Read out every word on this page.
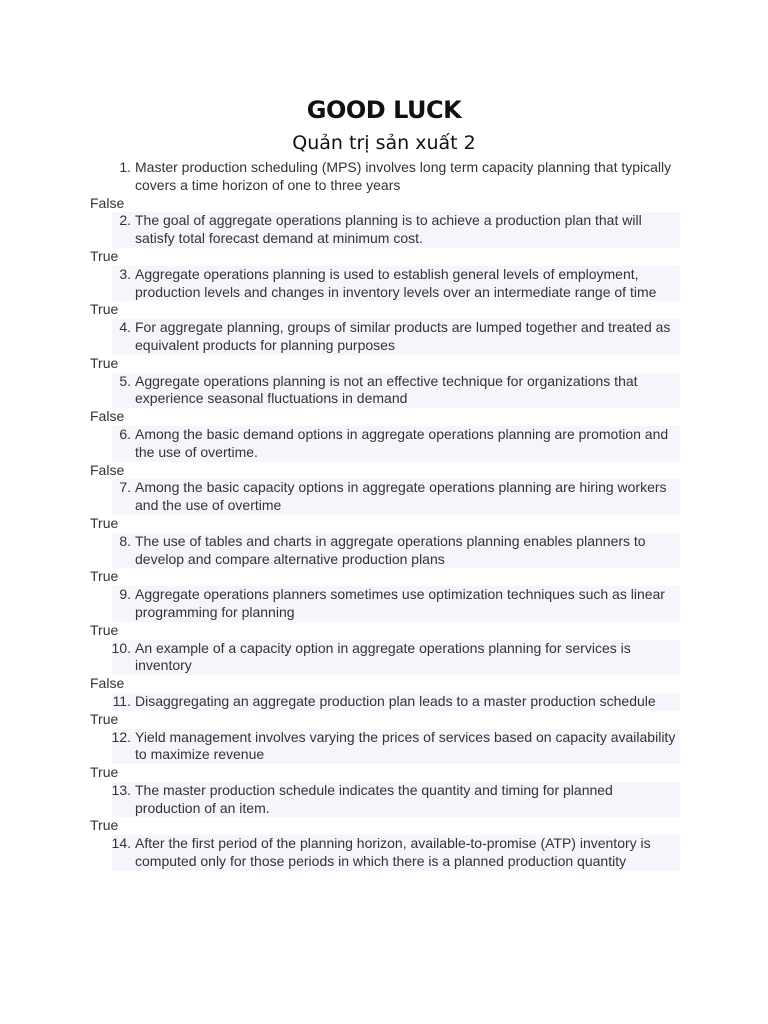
GOOD LUCK
Quản trị sản xuất 2
1. Master production scheduling (MPS) involves long term capacity planning that typically covers a time horizon of one to three years
False
2. The goal of aggregate operations planning is to achieve a production plan that will satisfy total forecast demand at minimum cost.
True
3. Aggregate operations planning is used to establish general levels of employment, production levels and changes in inventory levels over an intermediate range of time
True
4. For aggregate planning, groups of similar products are lumped together and treated as equivalent products for planning purposes
True
5. Aggregate operations planning is not an effective technique for organizations that experience seasonal fluctuations in demand
False
6. Among the basic demand options in aggregate operations planning are promotion and the use of overtime.
False
7. Among the basic capacity options in aggregate operations planning are hiring workers and the use of overtime
True
8. The use of tables and charts in aggregate operations planning enables planners to develop and compare alternative production plans
True
9. Aggregate operations planners sometimes use optimization techniques such as linear programming for planning
True
10. An example of a capacity option in aggregate operations planning for services is inventory
False
11. Disaggregating an aggregate production plan leads to a master production schedule
True
12. Yield management involves varying the prices of services based on capacity availability to maximize revenue
True
13. The master production schedule indicates the quantity and timing for planned production of an item.
True
14. After the first period of the planning horizon, available-to-promise (ATP) inventory is computed only for those periods in which there is a planned production quantity
